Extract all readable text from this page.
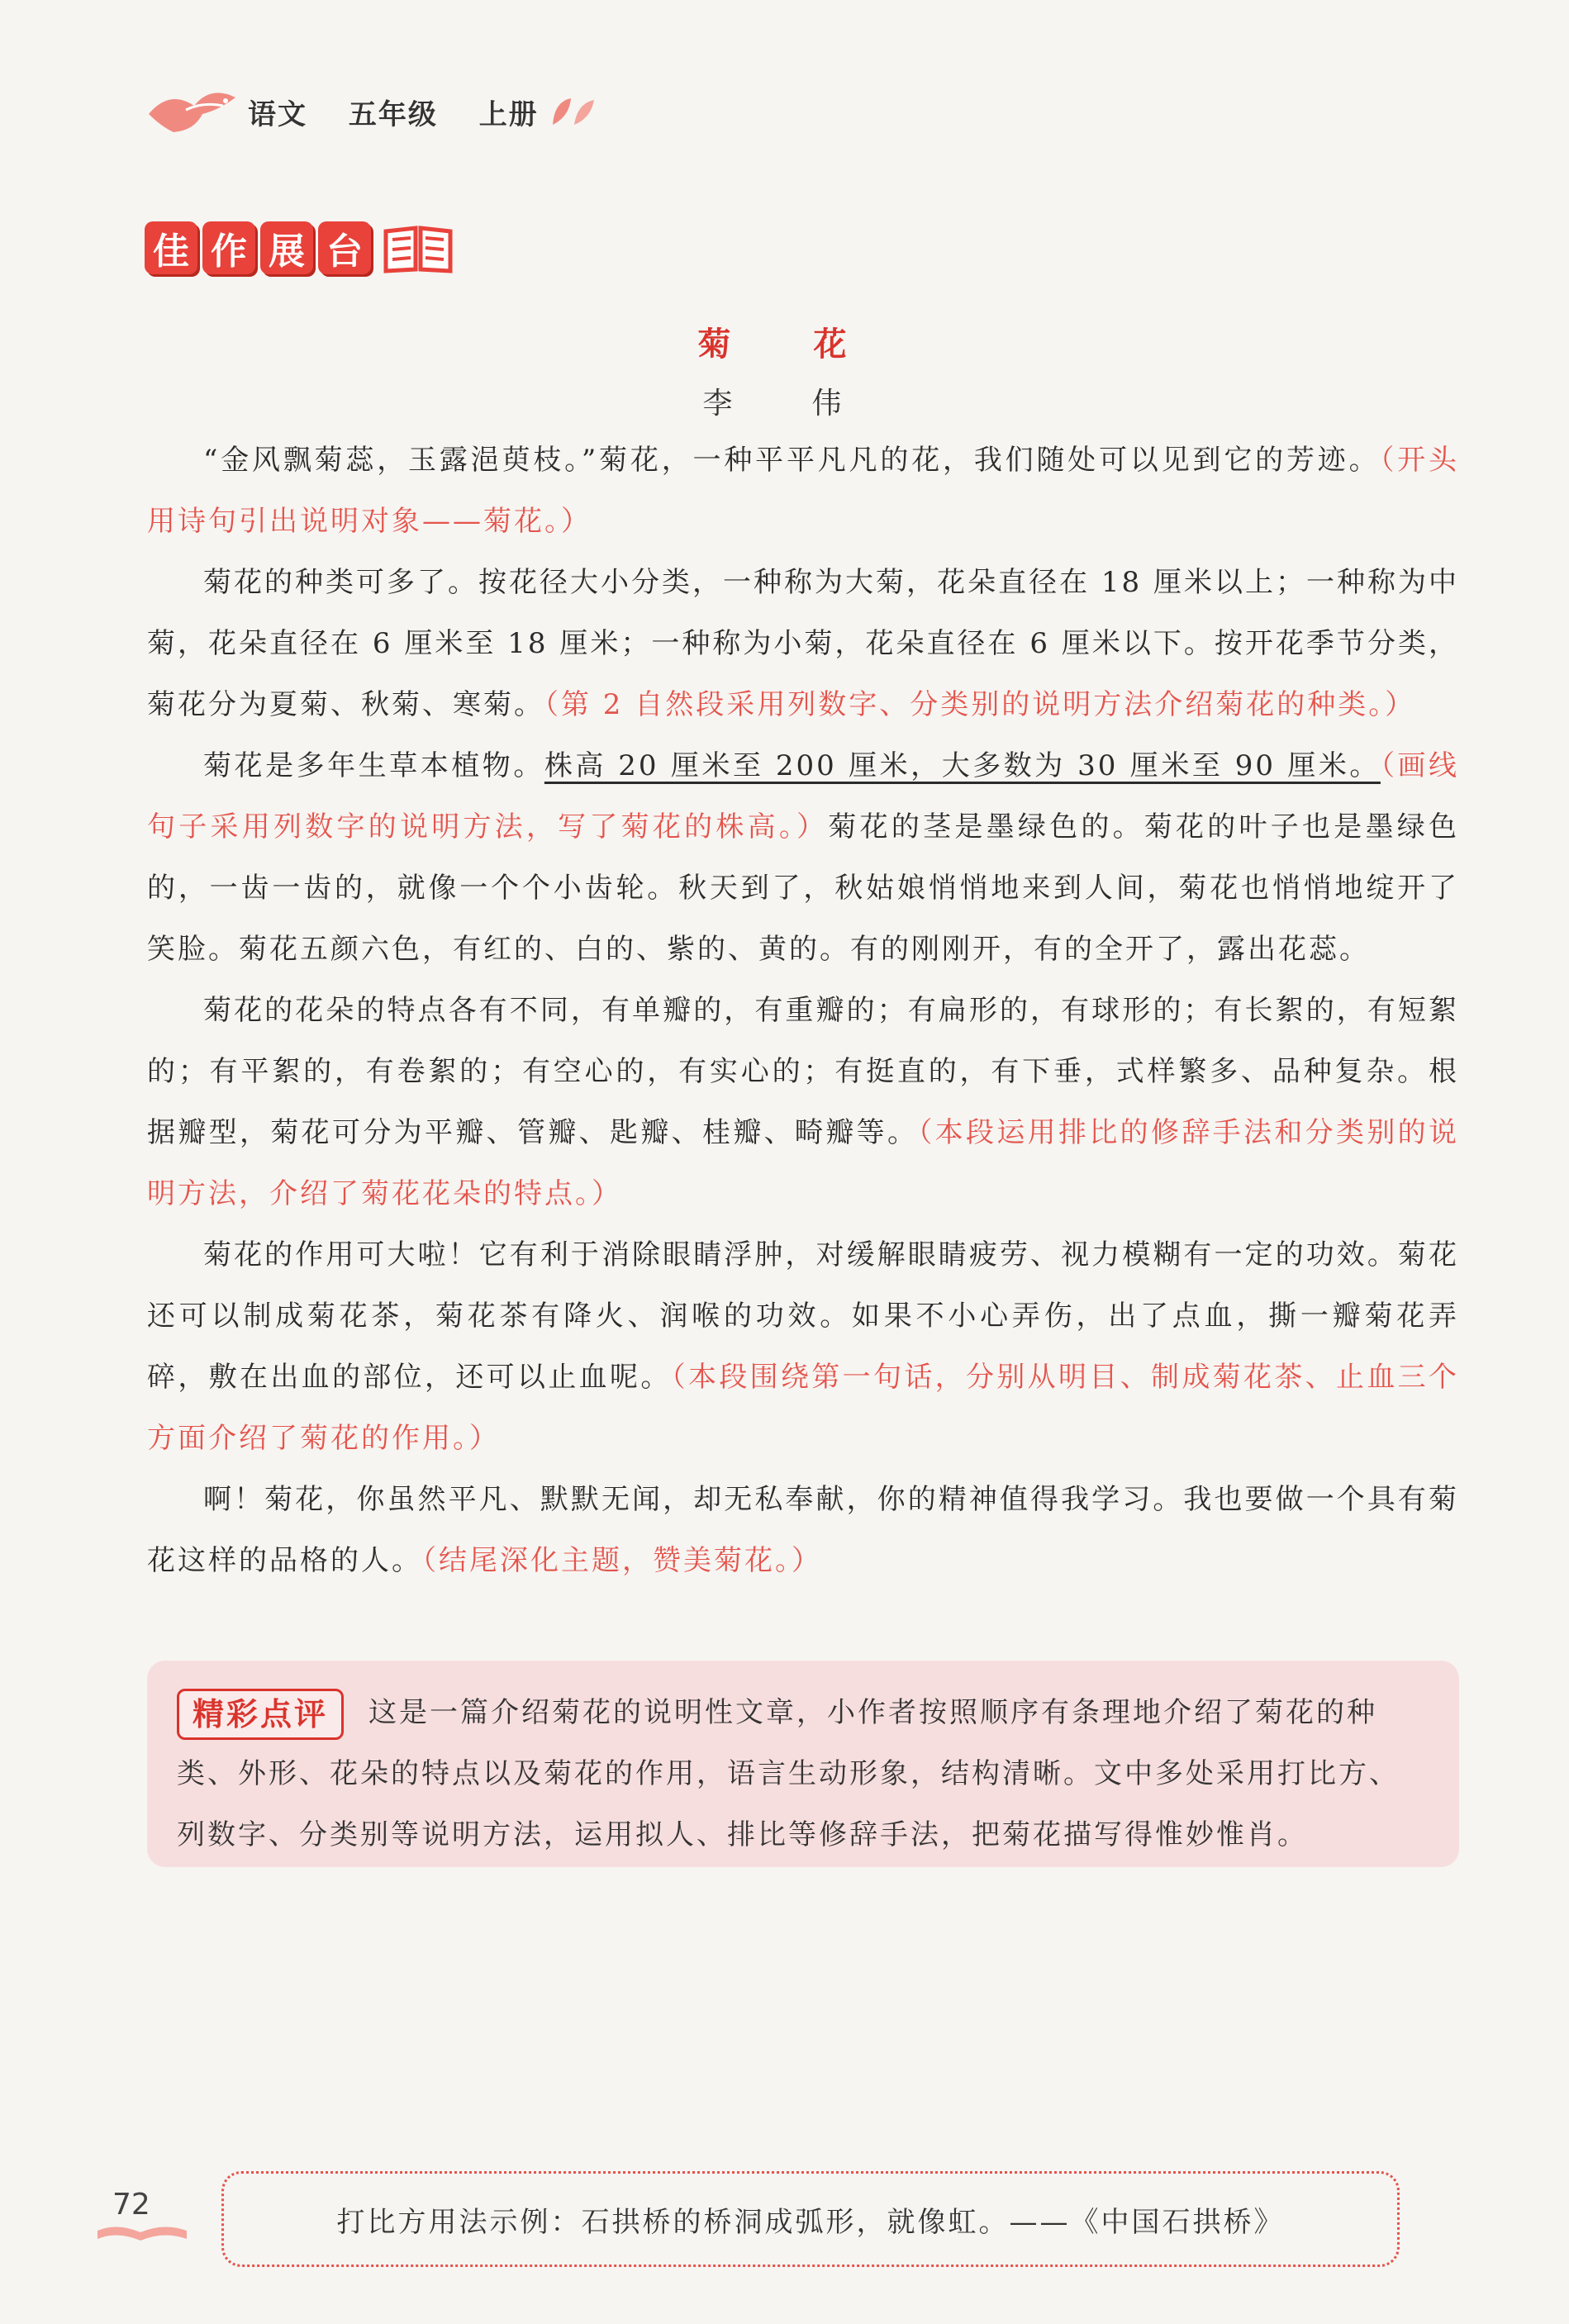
语文 五年级 上册
佳 作 展 台
菊　花
李　伟

“金风飘菊蕊，玉露浥萸枝。”菊花，一种平平凡凡的花，我们随处可以见到它的芳迹。（开头用诗句引出说明对象——菊花。）

菊花的种类可多了。按花径大小分类，一种称为大菊，花朵直径在 18 厘米以上；一种称为中菊，花朵直径在 6 厘米至 18 厘米；一种称为小菊，花朵直径在 6 厘米以下。按开花季节分类，菊花分为夏菊、秋菊、寒菊。（第 2 自然段采用列数字、分类别的说明方法介绍菊花的种类。）

菊花是多年生草本植物。株高 20 厘米至 200 厘米，大多数为 30 厘米至 90 厘米。（画线句子采用列数字的说明方法，写了菊花的株高。）菊花的茎是墨绿色的。菊花的叶子也是墨绿色的，一齿一齿的，就像一个个小齿轮。秋天到了，秋姑娘悄悄地来到人间，菊花也悄悄地绽开了笑脸。菊花五颜六色，有红的、白的、紫的、黄的。有的刚刚开，有的全开了，露出花蕊。

菊花的花朵的特点各有不同，有单瓣的，有重瓣的；有扁形的，有球形的；有长絮的，有短絮的；有平絮的，有卷絮的；有空心的，有实心的；有挺直的，有下垂，式样繁多、品种复杂。根据瓣型，菊花可分为平瓣、管瓣、匙瓣、桂瓣、畸瓣等。（本段运用排比的修辞手法和分类别的说明方法，介绍了菊花花朵的特点。）

菊花的作用可大啦！它有利于消除眼睛浮肿，对缓解眼睛疲劳、视力模糊有一定的功效。菊花还可以制成菊花茶，菊花茶有降火、润喉的功效。如果不小心弄伤，出了点血，撕一瓣菊花弄碎，敷在出血的部位，还可以止血呢。（本段围绕第一句话，分别从明目、制成菊花茶、止血三个方面介绍了菊花的作用。）

啊！菊花，你虽然平凡、默默无闻，却无私奉献，你的精神值得我学习。我也要做一个具有菊花这样的品格的人。（结尾深化主题，赞美菊花。）

精彩点评 这是一篇介绍菊花的说明性文章，小作者按照顺序有条理地介绍了菊花的种类、外形、花朵的特点以及菊花的作用，语言生动形象，结构清晰。文中多处采用打比方、列数字、分类别等说明方法，运用拟人、排比等修辞手法，把菊花描写得惟妙惟肖。
72
打比方用法示例：石拱桥的桥洞成弧形，就像虹。——《中国石拱桥》
